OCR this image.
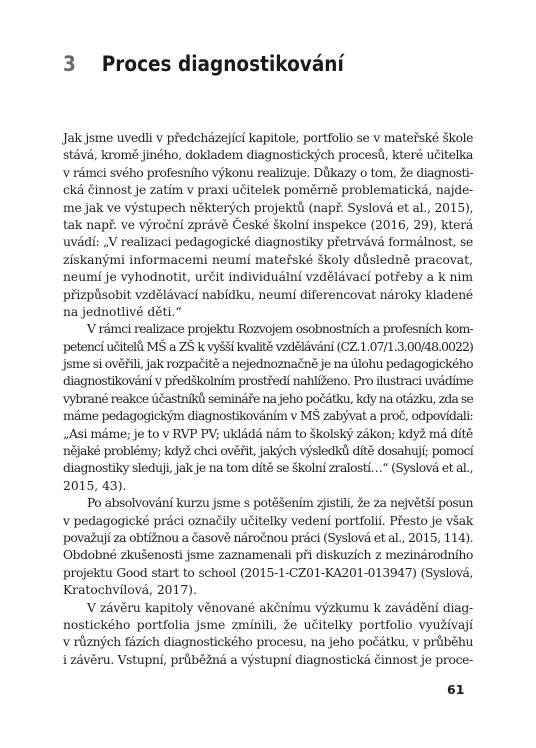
3 Proces diagnostikování
Jak jsme uvedli v předcházející kapitole, portfolio se v mateřské škole
stává, kromě jiného, dokladem diagnostických procesů, které učitelka
v rámci svého profesního výkonu realizuje. Důkazy o tom, že diagnosti-
cká činnost je zatím v praxi učitelek poměrně problematická, najde-
me jak ve výstupech některých projektů (např. Syslová et al., 2015),
tak např. ve výroční zprávě České školní inspekce (2016, 29), která
uvádí: „V realizaci pedagogické diagnostiky přetrvává formálnost, se
získanými informacemi neumí mateřské školy důsledně pracovat,
neumí je vyhodnotit, určit individuální vzdělávací potřeby a k nim
přizpůsobit vzdělávací nabídku, neumí diferencovat nároky kladené
na jednotlivé děti.“
V rámci realizace projektu Rozvojem osobnostních a profesních kom-
petencí učitelů MŠ a ZŠ k vyšší kvalitě vzdělávání (CZ.1.07/1.3.00/48.0022)
jsme si ověřili, jak rozpačitě a nejednoznačně je na úlohu pedagogického
diagnostikování v předškolním prostředí nahlíženo. Pro ilustraci uvádíme
vybrané reakce účastníků semináře na jeho počátku, kdy na otázku, zda se
máme pedagogickým diagnostikováním v MŠ zabývat a proč, odpovídali:
„Asi máme; je to v RVP PV; ukládá nám to školský zákon; když má dítě
nějaké problémy; když chci ověřit, jakých výsledků dítě dosahují; pomocí
diagnostiky sleduji, jak je na tom dítě se školní zralostí…“ (Syslová et al.,
2015, 43).
Po absolvování kurzu jsme s potěšením zjistili, že za největší posun
v pedagogické práci označily učitelky vedení portfolií. Přesto je však
považují za obtížnou a časově náročnou práci (Syslová et al., 2015, 114).
Obdobné zkušenosti jsme zaznamenali při diskuzích z mezinárodního
projektu Good start to school (2015-1-CZ01-KA201-013947) (Syslová,
Kratochvílová, 2017).
V závěru kapitoly věnované akčnímu výzkumu k zavádění diag-
nostického portfolia jsme zmínili, že učitelky portfolio využívají
v různých fázích diagnostického procesu, na jeho počátku, v průběhu
i závěru. Vstupní, průběžná a výstupní diagnostická činnost je proce-
61
